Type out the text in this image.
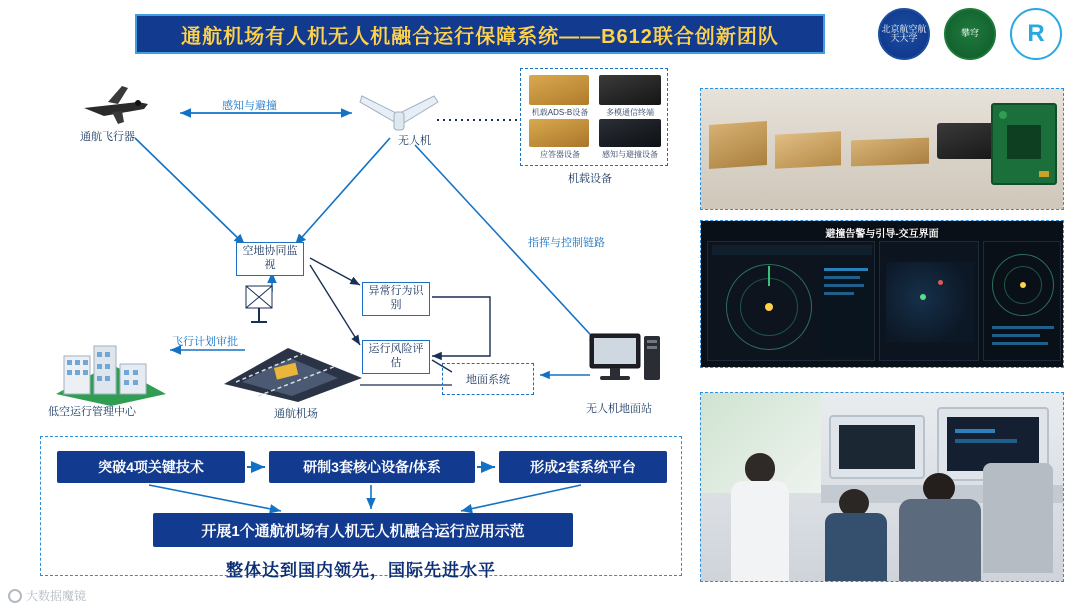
通航机场有人机无人机融合运行保障系统——B612联合创新团队	北京航空航天大学	攀穹 R
通航飞行器	无人机
感知与避撞
指挥与控制链路
飞行计划审批
机载ADS-B设备	多模通信终端
应答器设备	感知与避撞设备
机载设备
空地协同监视
异常行为识别
运行风险评估
地面系统
低空运行管理中心	通航机场	无人机地面站
突破4项关键技术	研制3套核心设备/体系	形成2套系统平台
开展1个通航机场有人机无人机融合运行应用示范
整体达到国内领先，国际先进水平
避撞告警与引导-交互界面
大数据魔镜
